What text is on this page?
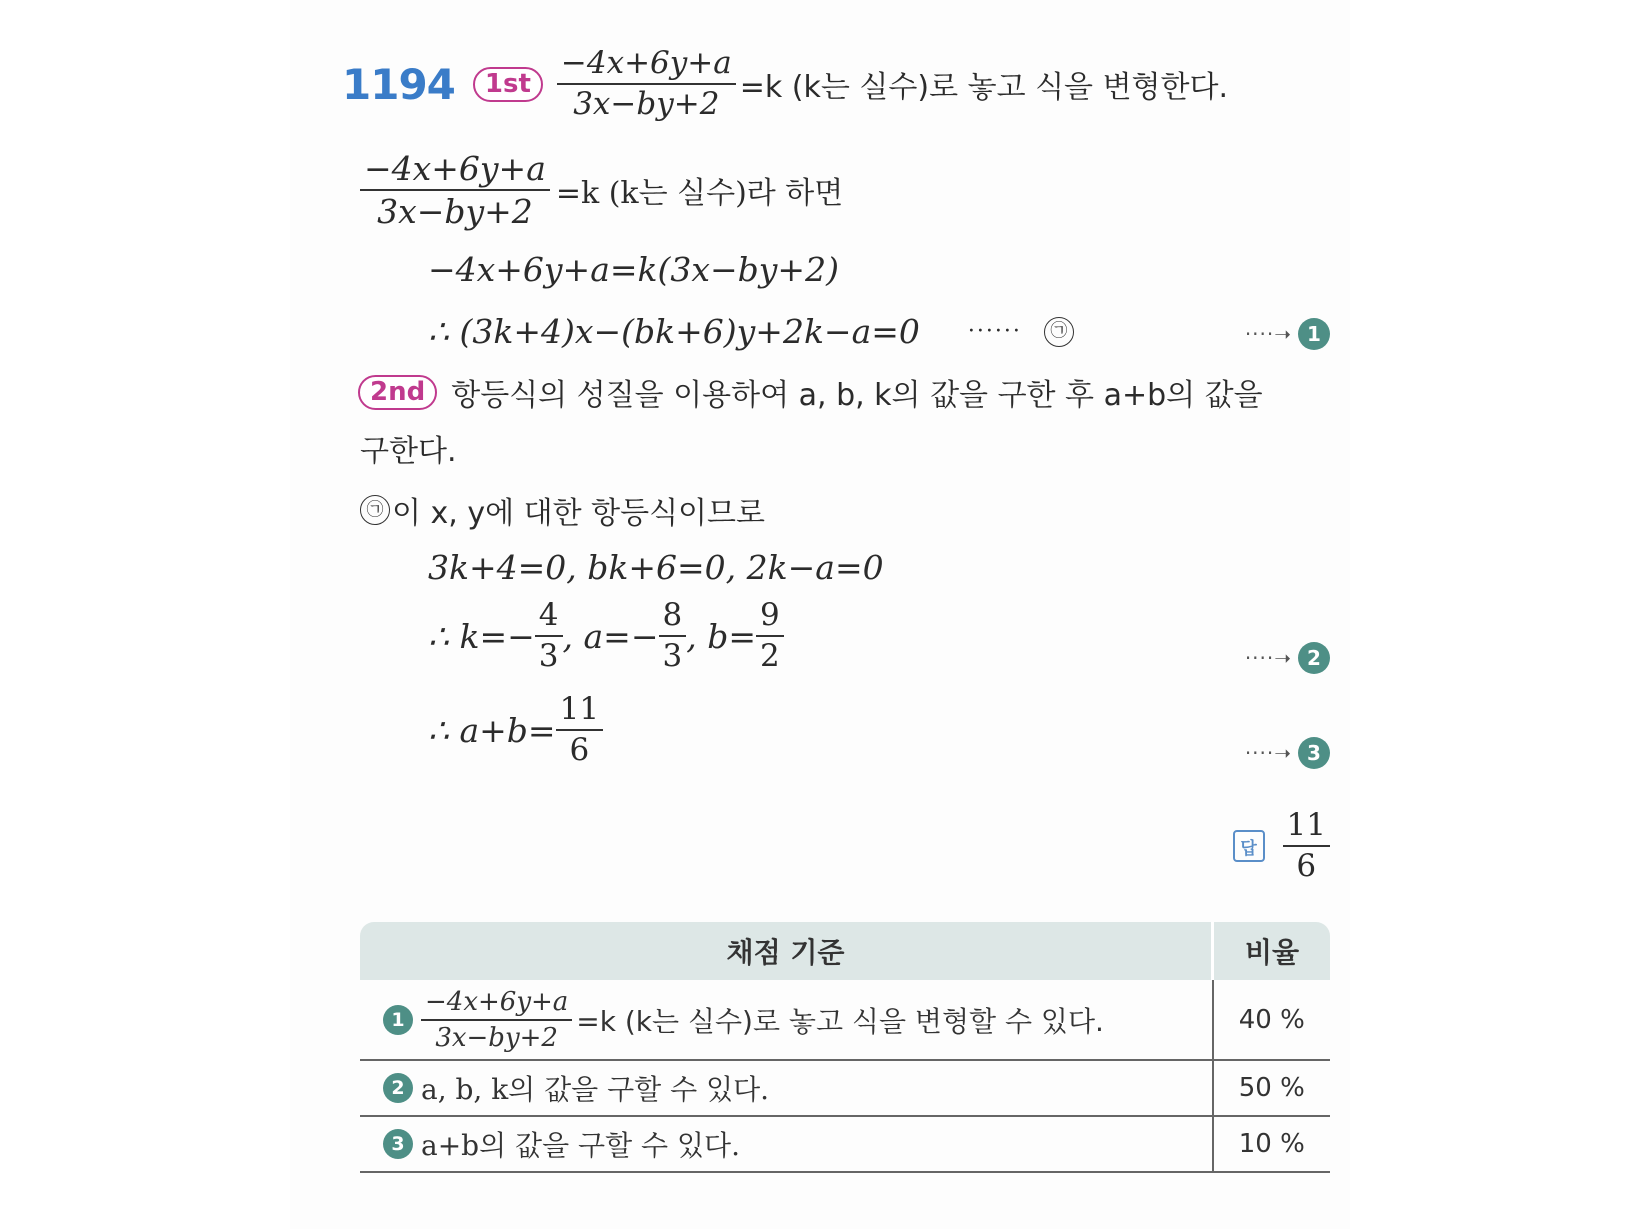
1194	$1st \frac{-4x+6y+a}{3x-by+2} =k$ (k는 실수)로 놓고 식을 변형한다.
$\frac{-4x+6y+a}{3x-by+2} =k$ (k는 실수)라 하면
−4x+6y+a=k(3x−by+2)
∴ (3k+4)x−(bk+6)y+2k−a=0 ······	㉠	····➝ 1
2nd 항등식의 성질을 이용하여 a, b, k의 값을 구한 후 a+b의 값을
구한다.
㉠ 이 x, y에 대한 항등식이므로
3k+4=0, bk+6=0, 2k−a=0
∴ $k=- \frac{4}{3}$ , $a=- \frac{8}{3}$ , $b= \frac{9}{2}$	····➝ 2
∴ $a+b= \frac{11}{6}$	····➝ 3
답 $\frac{11}{6}$
채점 기준	비율

$1 \frac{-4x+6y+a}{3x-by+2} =k$ (k는 실수)로 놓고 식을 변형할 수 있다.	40 %

2 a, b, k의 값을 구할 수 있다.	50 %

3 a+b의 값을 구할 수 있다.	10 %
